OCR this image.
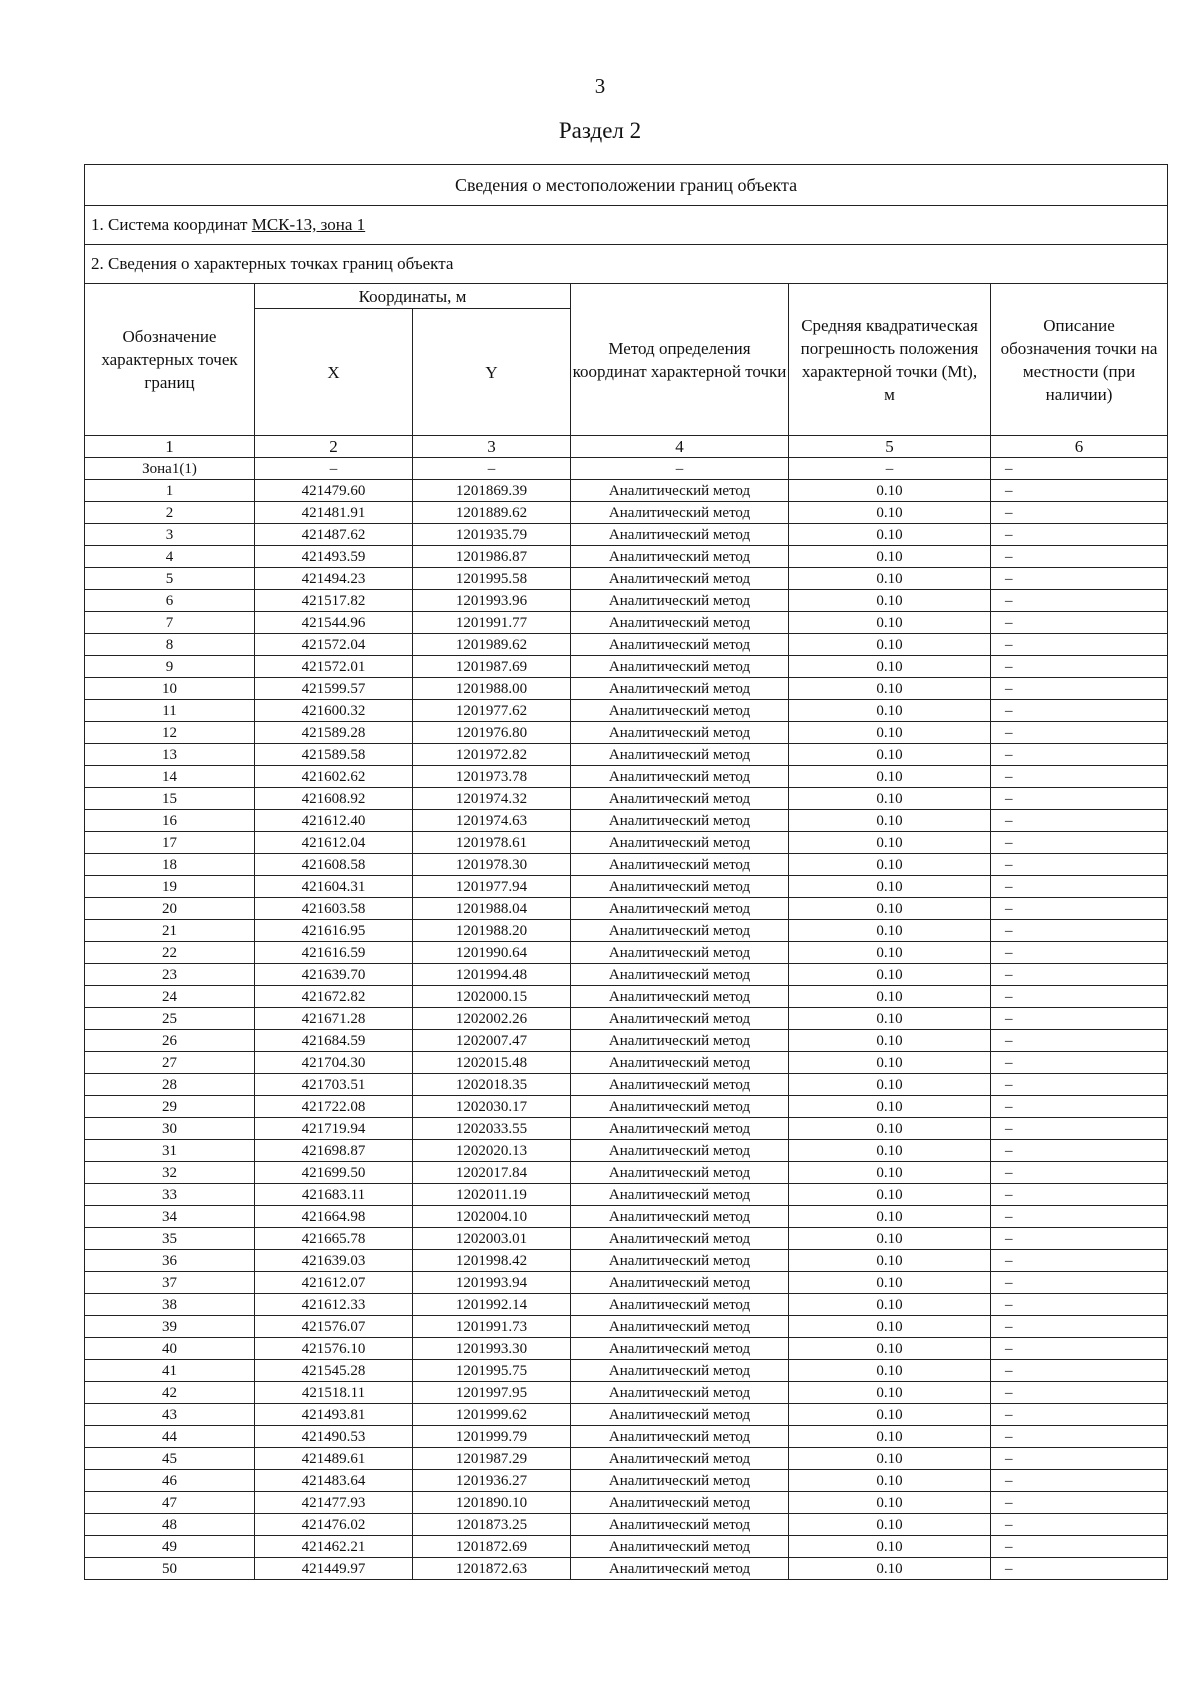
3
Раздел 2
Сведения о местоположении границ объекта					
1. Система координат МСК-13, зона 1					
2. Сведения о характерных точках границ объекта					
Обозначение характерных точек границ	Координаты, м		Метод определения координат характерной точки	Средняя квадратическая погрешность положения характерной точки (Mt), м	Описание обозначения точки на местности (при наличии)
	X	Y			
1	2	3	4	5	6
Зона1(1)	–	–	–	–	–
1	421479.60	1201869.39	Аналитический метод	0.10	–
2	421481.91	1201889.62	Аналитический метод	0.10	–
3	421487.62	1201935.79	Аналитический метод	0.10	–
4	421493.59	1201986.87	Аналитический метод	0.10	–
5	421494.23	1201995.58	Аналитический метод	0.10	–
6	421517.82	1201993.96	Аналитический метод	0.10	–
7	421544.96	1201991.77	Аналитический метод	0.10	–
8	421572.04	1201989.62	Аналитический метод	0.10	–
9	421572.01	1201987.69	Аналитический метод	0.10	–
10	421599.57	1201988.00	Аналитический метод	0.10	–
11	421600.32	1201977.62	Аналитический метод	0.10	–
12	421589.28	1201976.80	Аналитический метод	0.10	–
13	421589.58	1201972.82	Аналитический метод	0.10	–
14	421602.62	1201973.78	Аналитический метод	0.10	–
15	421608.92	1201974.32	Аналитический метод	0.10	–
16	421612.40	1201974.63	Аналитический метод	0.10	–
17	421612.04	1201978.61	Аналитический метод	0.10	–
18	421608.58	1201978.30	Аналитический метод	0.10	–
19	421604.31	1201977.94	Аналитический метод	0.10	–
20	421603.58	1201988.04	Аналитический метод	0.10	–
21	421616.95	1201988.20	Аналитический метод	0.10	–
22	421616.59	1201990.64	Аналитический метод	0.10	–
23	421639.70	1201994.48	Аналитический метод	0.10	–
24	421672.82	1202000.15	Аналитический метод	0.10	–
25	421671.28	1202002.26	Аналитический метод	0.10	–
26	421684.59	1202007.47	Аналитический метод	0.10	–
27	421704.30	1202015.48	Аналитический метод	0.10	–
28	421703.51	1202018.35	Аналитический метод	0.10	–
29	421722.08	1202030.17	Аналитический метод	0.10	–
30	421719.94	1202033.55	Аналитический метод	0.10	–
31	421698.87	1202020.13	Аналитический метод	0.10	–
32	421699.50	1202017.84	Аналитический метод	0.10	–
33	421683.11	1202011.19	Аналитический метод	0.10	–
34	421664.98	1202004.10	Аналитический метод	0.10	–
35	421665.78	1202003.01	Аналитический метод	0.10	–
36	421639.03	1201998.42	Аналитический метод	0.10	–
37	421612.07	1201993.94	Аналитический метод	0.10	–
38	421612.33	1201992.14	Аналитический метод	0.10	–
39	421576.07	1201991.73	Аналитический метод	0.10	–
40	421576.10	1201993.30	Аналитический метод	0.10	–
41	421545.28	1201995.75	Аналитический метод	0.10	–
42	421518.11	1201997.95	Аналитический метод	0.10	–
43	421493.81	1201999.62	Аналитический метод	0.10	–
44	421490.53	1201999.79	Аналитический метод	0.10	–
45	421489.61	1201987.29	Аналитический метод	0.10	–
46	421483.64	1201936.27	Аналитический метод	0.10	–
47	421477.93	1201890.10	Аналитический метод	0.10	–
48	421476.02	1201873.25	Аналитический метод	0.10	–
49	421462.21	1201872.69	Аналитический метод	0.10	–
50	421449.97	1201872.63	Аналитический метод	0.10	–
